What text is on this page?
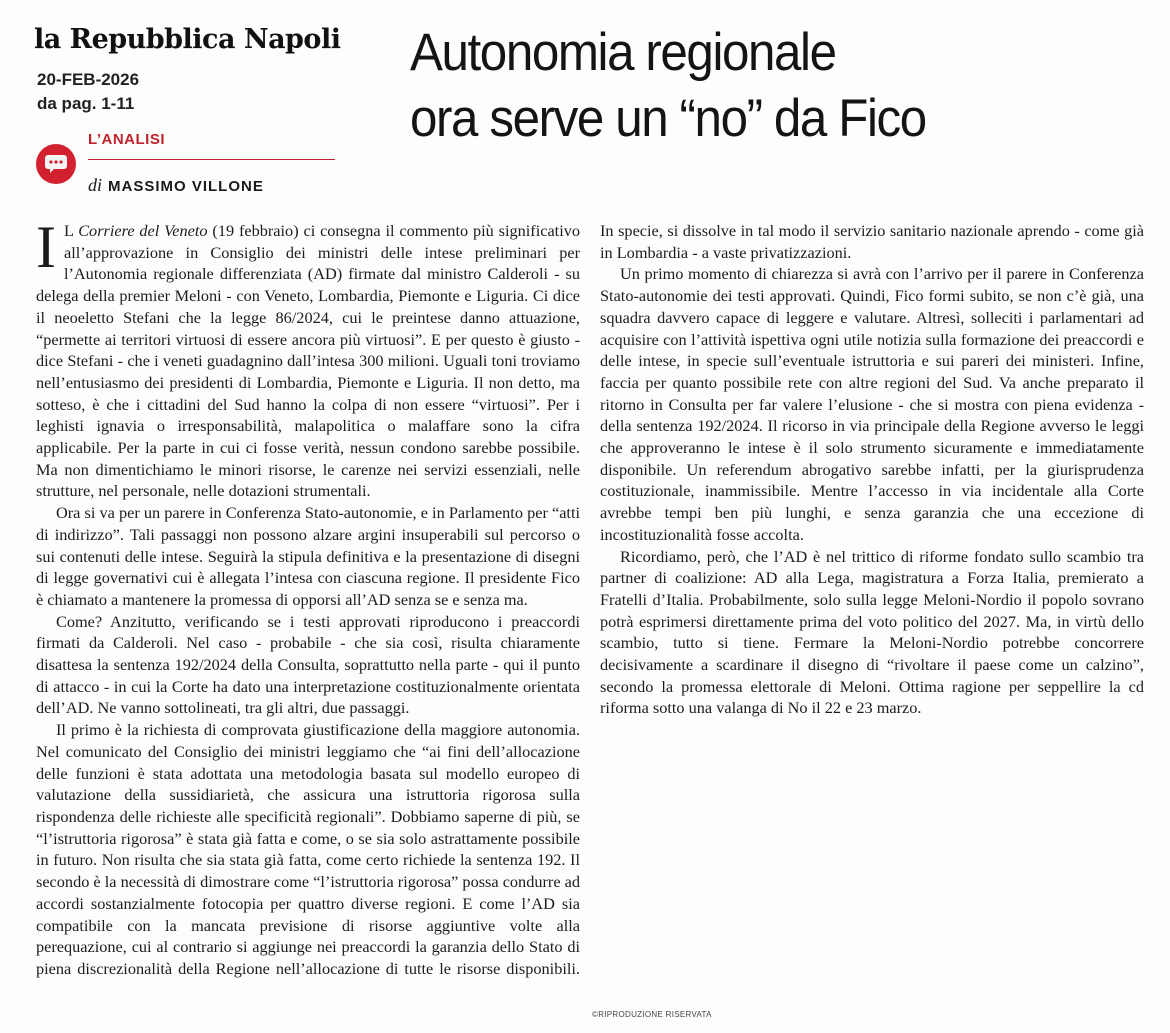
la Repubblica Napoli
20-FEB-2026
da pag. 1-11
L’ANALISI
di MASSIMO VILLONE
Autonomia regionale
ora serve un “no” da Fico

I L Corriere del Veneto (19 febbraio) ci consegna il commento più significativo all’approvazione in Consiglio dei ministri delle intese preliminari per l’Autonomia regionale differenziata (AD) firmate dal ministro Calderoli - su delega della premier Meloni - con Veneto, Lombardia, Piemonte e Liguria. Ci dice il neoeletto Stefani che la legge 86/2024, cui le preintese danno attuazione, “permette ai territori virtuosi di essere ancora più virtuosi”. E per questo è giusto - dice Stefani - che i veneti guadagnino dall’intesa 300 milioni. Uguali toni troviamo nell’entusiasmo dei presidenti di Lombardia, Piemonte e Liguria. Il non detto, ma sotteso, è che i cittadini del Sud hanno la colpa di non essere “virtuosi”. Per i leghisti ignavia o irresponsabilità, malapolitica o malaffare sono la cifra applicabile. Per la parte in cui ci fosse verità, nessun condono sarebbe possibile. Ma non dimentichiamo le minori risorse, le carenze nei servizi essenziali, nelle strutture, nel personale, nelle dotazioni strumentali.

Ora si va per un parere in Conferenza Stato-autonomie, e in Parlamento per “atti di indirizzo”. Tali passaggi non possono alzare argini insuperabili sul percorso o sui contenuti delle intese. Seguirà la stipula definitiva e la presentazione di disegni di legge governativi cui è allegata l’intesa con ciascuna regione. Il presidente Fico è chiamato a mantenere la promessa di opporsi all’AD senza se e senza ma.

Come? Anzitutto, verificando se i testi approvati riproducono i preaccordi firmati da Calderoli. Nel caso - probabile - che sia così, risulta chiaramente disattesa la sentenza 192/2024 della Consulta, soprattutto nella parte - qui il punto di attacco - in cui la Corte ha dato una interpretazione costituzionalmente orientata dell’AD. Ne vanno sottolineati, tra gli altri, due passaggi.

Il primo è la richiesta di comprovata giustificazione della maggiore autonomia. Nel comunicato del Consiglio dei ministri leggiamo che “ai fini dell’allocazione delle funzioni è stata adottata una metodologia basata sul modello europeo di valutazione della sussidiarietà, che assicura una istruttoria rigorosa sulla rispondenza delle richieste alle specificità regionali”. Dobbiamo saperne di più, se “l’istruttoria rigorosa” è stata già fatta e come, o se sia solo astrattamente possibile in futuro. Non risulta che sia stata già fatta, come certo richiede la sentenza 192. Il secondo è la necessità di dimostrare come “l’istruttoria rigorosa” possa condurre ad accordi sostanzialmente fotocopia per quattro diverse regioni. E come l’AD sia compatibile con la mancata previsione di risorse aggiuntive volte alla perequazione, cui al contrario si aggiunge nei preaccordi la garanzia dello Stato di piena discrezionalità della Regione nell’allocazione di tutte le risorse disponibili. In specie, si dissolve in tal modo il servizio sanitario nazionale aprendo - come già in Lombardia - a vaste privatizzazioni.

Un primo momento di chiarezza si avrà con l’arrivo per il parere in Conferenza Stato-autonomie dei testi approvati. Quindi, Fico formi subito, se non c’è già, una squadra davvero capace di leggere e valutare. Altresì, solleciti i parlamentari ad acquisire con l’attività ispettiva ogni utile notizia sulla formazione dei preaccordi e delle intese, in specie sull’eventuale istruttoria e sui pareri dei ministeri. Infine, faccia per quanto possibile rete con altre regioni del Sud. Va anche preparato il ritorno in Consulta per far valere l’elusione - che si mostra con piena evidenza - della sentenza 192/2024. Il ricorso in via principale della Regione avverso le leggi che approveranno le intese è il solo strumento sicuramente e immediatamente disponibile. Un referendum abrogativo sarebbe infatti, per la giurisprudenza costituzionale, inammissibile. Mentre l’accesso in via incidentale alla Corte avrebbe tempi ben più lunghi, e senza garanzia che una eccezione di incostituzionalità fosse accolta.

Ricordiamo, però, che l’AD è nel trittico di riforme fondato sullo scambio tra partner di coalizione: AD alla Lega, magistratura a Forza Italia, premierato a Fratelli d’Italia. Probabilmente, solo sulla legge Meloni-Nordio il popolo sovrano potrà esprimersi direttamente prima del voto politico del 2027. Ma, in virtù dello scambio, tutto si tiene. Fermare la Meloni-Nordio potrebbe concorrere decisivamente a scardinare il disegno di “rivoltare il paese come un calzino”, secondo la promessa elettorale di Meloni. Ottima ragione per seppellire la cd riforma sotto una valanga di No il 22 e 23 marzo.

©RIPRODUZIONE RISERVATA
